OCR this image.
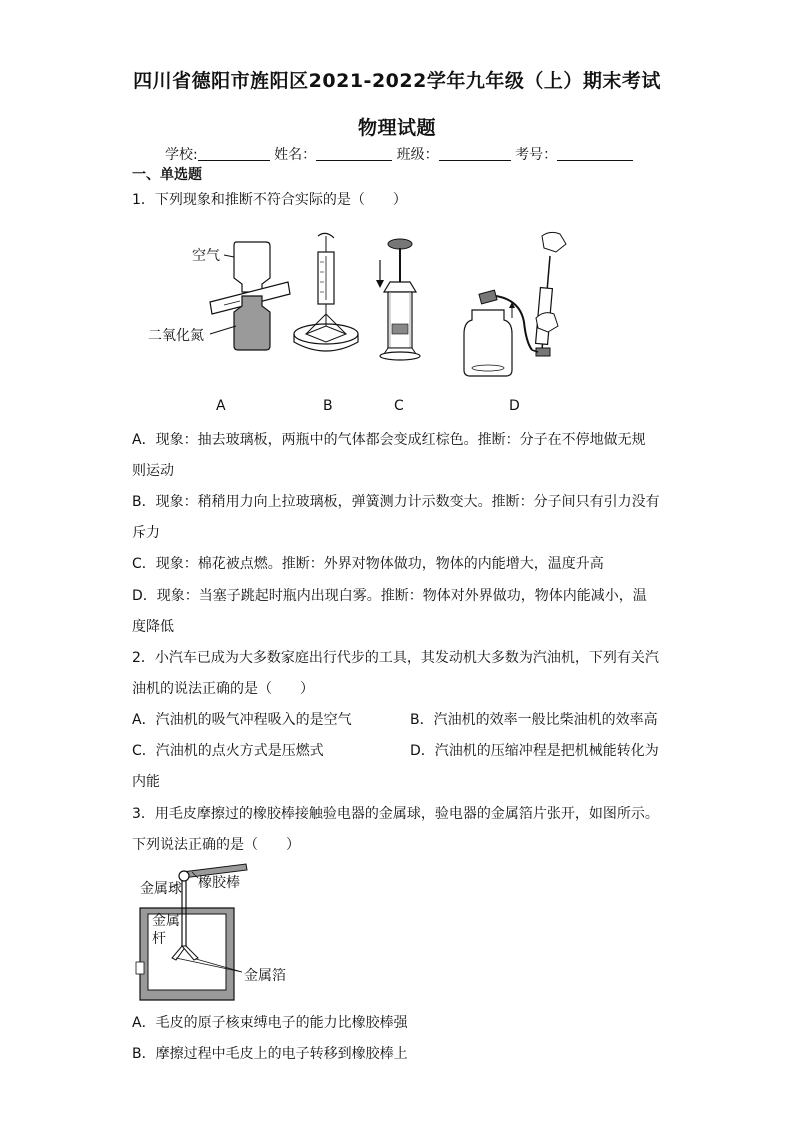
四川省德阳市旌阳区2021-2022学年九年级（上）期末考试
物理试题
学校:	姓名：	班级：	考号：
一、单选题
1．下列现象和推断不符合实际的是（　　）
空气
二氧化氮
A	B	C	D
A．现象：抽去玻璃板，两瓶中的气体都会变成红棕色。推断：分子在不停地做无规
则运动
B．现象：稍稍用力向上拉玻璃板，弹簧测力计示数变大。推断：分子间只有引力没有
斥力
C．现象：棉花被点燃。推断：外界对物体做功，物体的内能增大，温度升高
D．现象：当塞子跳起时瓶内出现白雾。推断：物体对外界做功，物体内能减小，温
度降低
2．小汽车已成为大多数家庭出行代步的工具，其发动机大多数为汽油机，下列有关汽
油机的说法正确的是（　　）
A．汽油机的吸气冲程吸入的是空气	B．汽油机的效率一般比柴油机的效率高
C．汽油机的点火方式是压燃式	D．汽油机的压缩冲程是把机械能转化为
内能
3．用毛皮摩擦过的橡胶棒接触验电器的金属球，验电器的金属箔片张开，如图所示。
下列说法正确的是（　　）
金属球 橡胶棒
金属
杆
金属箔
A．毛皮的原子核束缚电子的能力比橡胶棒强
B．摩擦过程中毛皮上的电子转移到橡胶棒上
